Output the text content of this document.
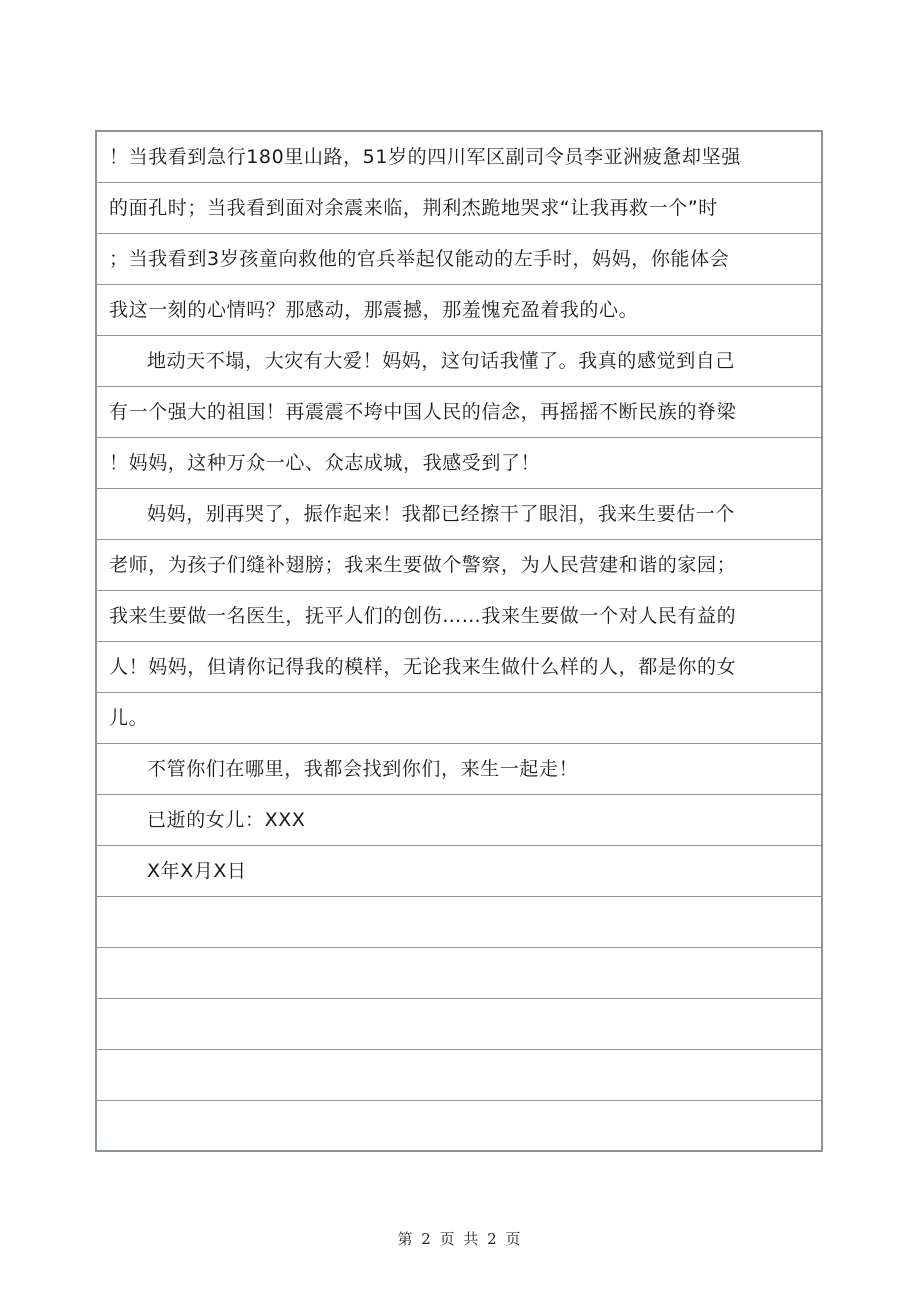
！当我看到急行180里山路，51岁的四川军区副司令员李亚洲疲惫却坚强
的面孔时；当我看到面对余震来临，荆利杰跪地哭求“让我再救一个”时
；当我看到3岁孩童向救他的官兵举起仅能动的左手时，妈妈，你能体会
我这一刻的心情吗？那感动，那震撼，那羞愧充盈着我的心。
地动天不塌，大灾有大爱！妈妈，这句话我懂了。我真的感觉到自己
有一个强大的祖国！再震震不垮中国人民的信念，再摇摇不断民族的脊梁
！妈妈，这种万众一心、众志成城，我感受到了！
妈妈，别再哭了，振作起来！我都已经擦干了眼泪，我来生要估一个
老师，为孩子们缝补翅膀；我来生要做个警察，为人民营建和谐的家园；
我来生要做一名医生，抚平人们的创伤……我来生要做一个对人民有益的
人！妈妈，但请你记得我的模样，无论我来生做什么样的人，都是你的女
儿。
不管你们在哪里，我都会找到你们，来生一起走！
已逝的女儿：XXX
X年X月X日
第 2 页 共 2 页
